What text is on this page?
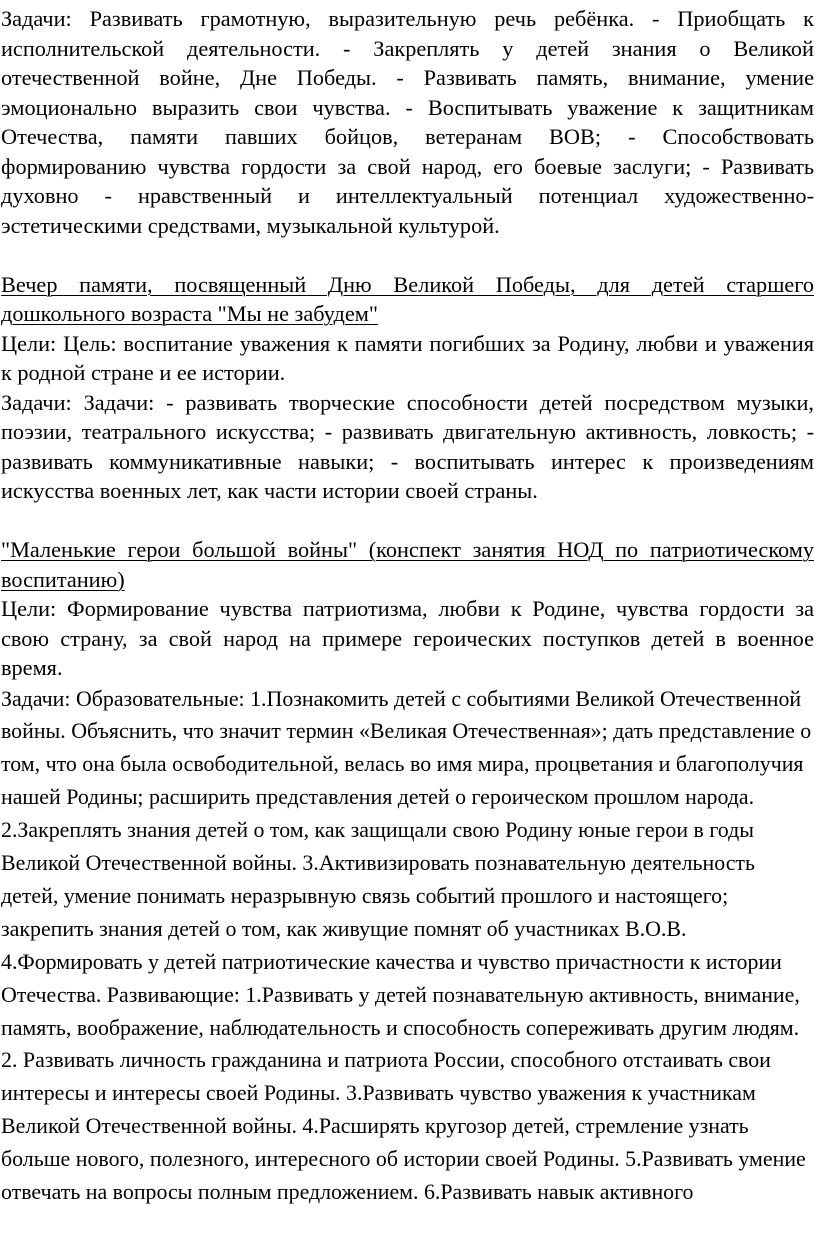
Задачи: Развивать грамотную, выразительную речь ребёнка. - Приобщать к исполнительской деятельности. - Закреплять у детей знания о Великой отечественной войне, Дне Победы. - Развивать память, внимание, умение эмоционально выразить свои чувства. - Воспитывать уважение к защитникам Отечества, памяти павших бойцов, ветеранам ВОВ; - Способствовать формированию чувства гордости за свой народ, его боевые заслуги; - Развивать духовно - нравственный и интеллектуальный потенциал художественно-эстетическими средствами, музыкальной культурой.

Вечер памяти, посвященный Дню Великой Победы, для детей старшего дошкольного возраста "Мы не забудем"

Цели: Цель: воспитание уважения к памяти погибших за Родину, любви и уважения к родной стране и ее истории.

Задачи: Задачи: - развивать творческие способности детей посредством музыки, поэзии, театрального искусства; - развивать двигательную активность, ловкость; - развивать коммуникативные навыки; - воспитывать интерес к произведениям искусства военных лет, как части истории своей страны.

"Маленькие герои большой войны" (конспект занятия НОД по патриотическому воспитанию)

Цели: Формирование чувства патриотизма, любви к Родине, чувства гордости за свою страну, за свой народ на примере героических поступков детей в военное время.

Задачи: Образовательные: 1.Познакомить детей с событиями Великой Отечественной войны. Объяснить, что значит термин «Великая Отечественная»; дать представление о том, что она была освободительной, велась во имя мира, процветания и благополучия нашей Родины; расширить представления детей о героическом прошлом народа. 2.Закреплять знания детей о том, как защищали свою Родину юные герои в годы Великой Отечественной войны. 3.Активизировать познавательную деятельность детей, умение понимать неразрывную связь событий прошлого и настоящего; закрепить знания детей о том, как живущие помнят об участниках В.О.В. 4.Формировать у детей патриотические качества и чувство причастности к истории Отечества. Развивающие: 1.Развивать у детей познавательную активность, внимание, память, воображение, наблюдательность и способность сопереживать другим людям. 2. Развивать личность гражданина и патриота России, способного отстаивать свои интересы и интересы своей Родины. 3.Развивать чувство уважения к участникам Великой Отечественной войны. 4.Расширять кругозор детей, стремление узнать больше нового, полезного, интересного об истории своей Родины. 5.Развивать умение отвечать на вопросы полным предложением. 6.Развивать навык активного
